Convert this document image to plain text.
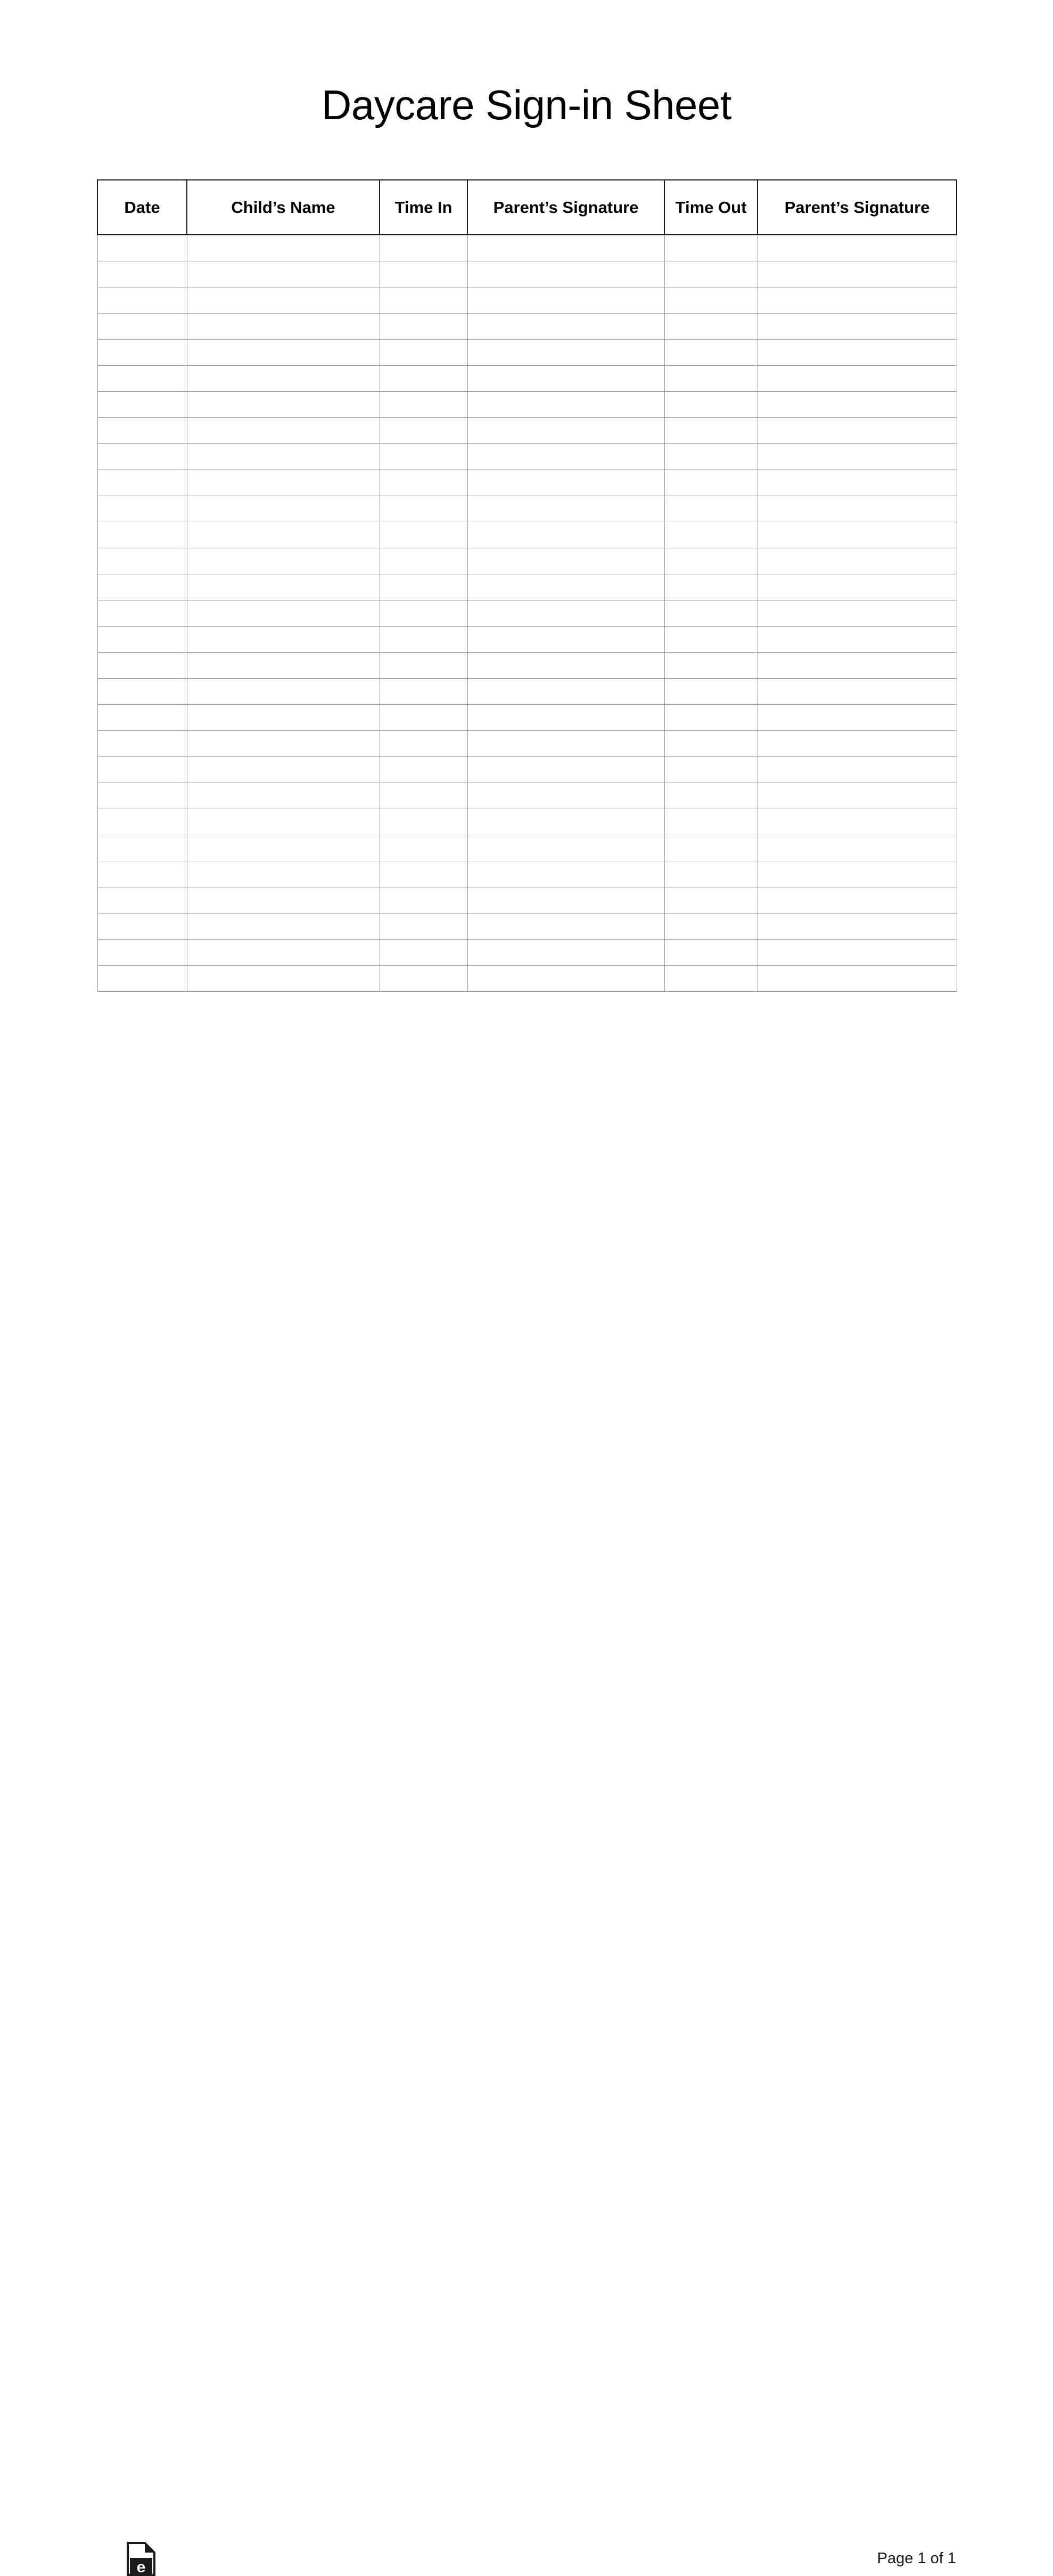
Daycare Sign-in Sheet
Date	Child’s Name	Time In	Parent’s Signature	Time Out	Parent’s Signature

e	Page 1 of 1
